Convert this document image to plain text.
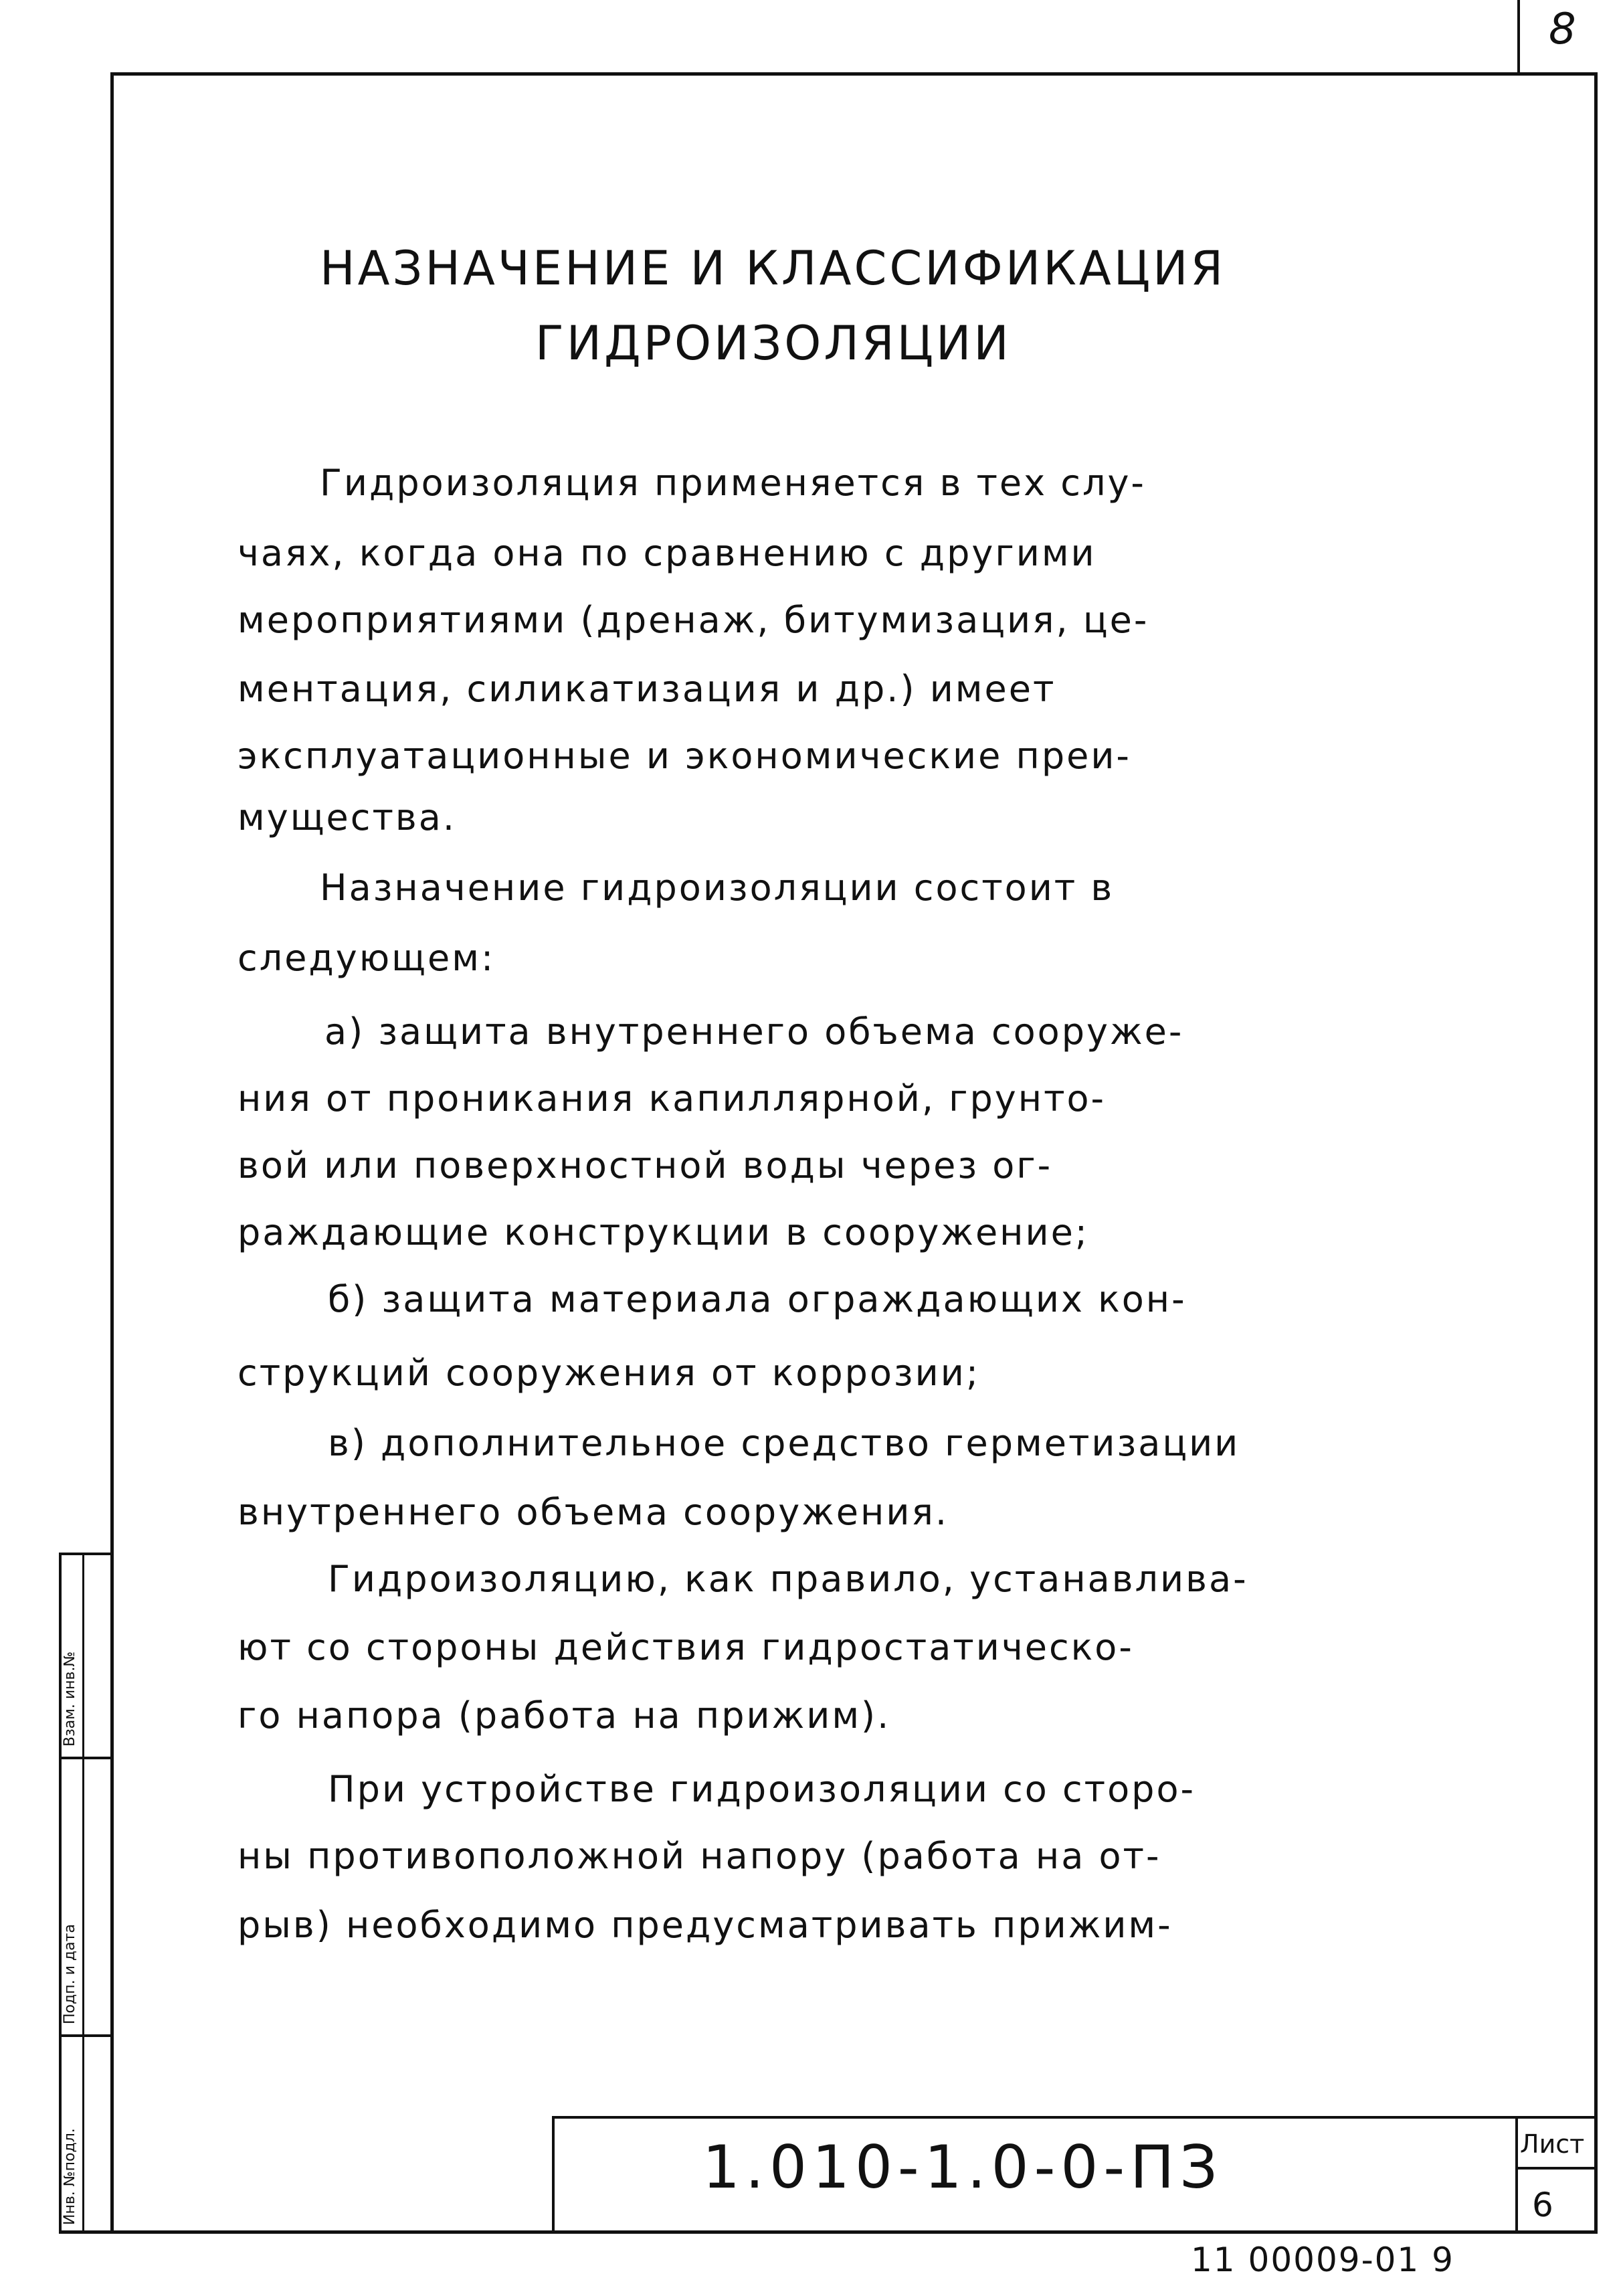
8
НАЗНАЧЕНИЕ И КЛАССИФИКАЦИЯ
ГИДРОИЗОЛЯЦИИ
Гидроизоляция применяется в тех слу-
чаях, когда она по сравнению с другими
мероприятиями (дренаж, битумизация, це-
ментация, силикатизация и др.) имеет
эксплуатационные и экономические преи-
мущества.
Назначение гидроизоляции состоит в
следующем:
а) защита внутреннего объема сооруже-
ния от проникания капиллярной, грунто-
вой или поверхностной воды через ог-
раждающие конструкции в сооружение;
б) защита материала ограждающих кон-
струкций сооружения от коррозии;
в) дополнительное средство герметизации
внутреннего объема сооружения.
Гидроизоляцию, как правило, устанавлива-
ют со стороны действия гидростатическо-
го напора (работа на прижим).
При устройстве гидроизоляции со сторо-
ны противоположной напору (работа на от-
рыв) необходимо предусматривать прижим-
Взам. инв.№
Подп. и дата
Инв. №подл.	1.010-1.0-0-ПЗ	Лист
6
11 00009-01 9
